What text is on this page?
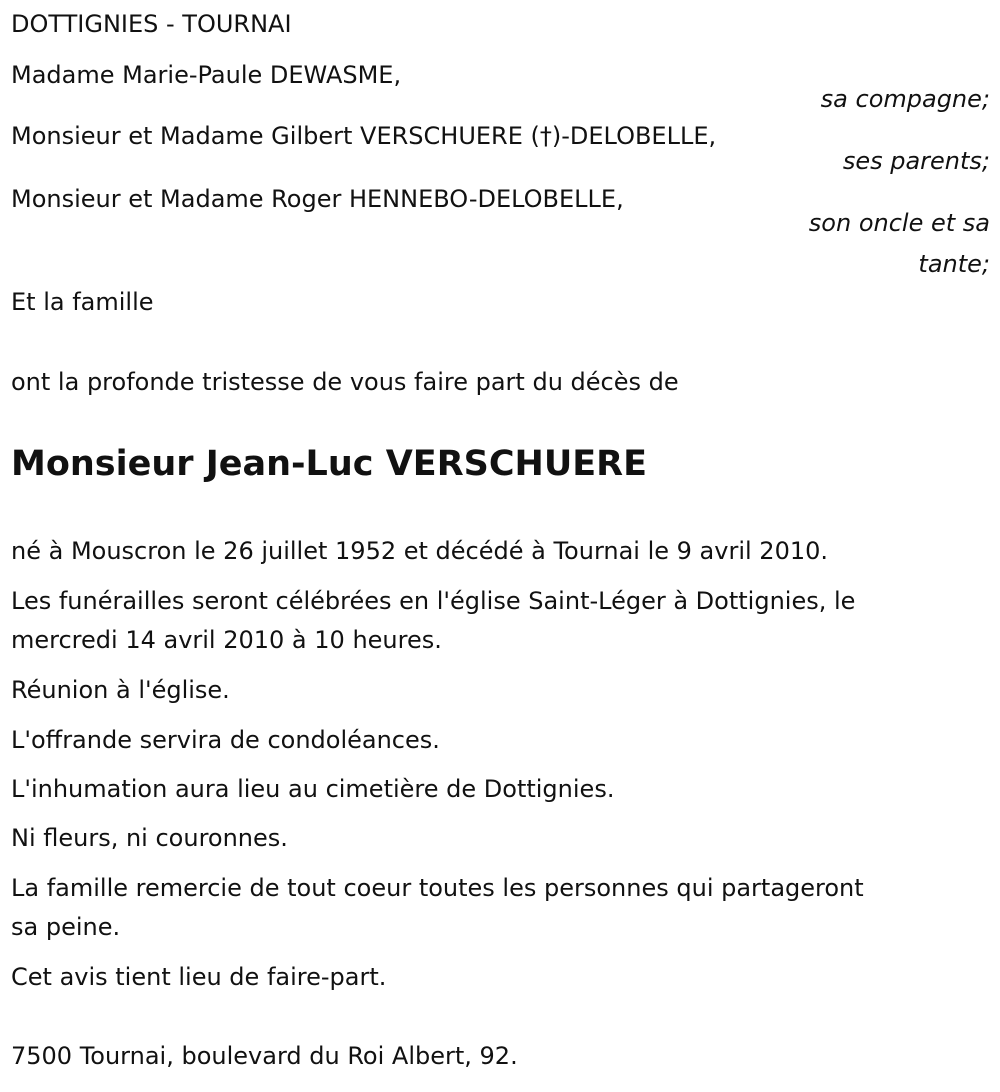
DOTTIGNIES - TOURNAI
Madame Marie-Paule DEWASME,
sa compagne;
Monsieur et Madame Gilbert VERSCHUERE (†)-DELOBELLE,
ses parents;
Monsieur et Madame Roger HENNEBO-DELOBELLE,
son oncle et sa
tante;
Et la famille
ont la profonde tristesse de vous faire part du décès de
Monsieur Jean-Luc VERSCHUERE
né à Mouscron le 26 juillet 1952 et décédé à Tournai le 9 avril 2010.
Les funérailles seront célébrées en l'église Saint-Léger à Dottignies, le
mercredi 14 avril 2010 à 10 heures.
Réunion à l'église.
L'offrande servira de condoléances.
L'inhumation aura lieu au cimetière de Dottignies.
Ni fleurs, ni couronnes.
La famille remercie de tout coeur toutes les personnes qui partageront
sa peine.
Cet avis tient lieu de faire-part.
7500 Tournai, boulevard du Roi Albert, 92.
